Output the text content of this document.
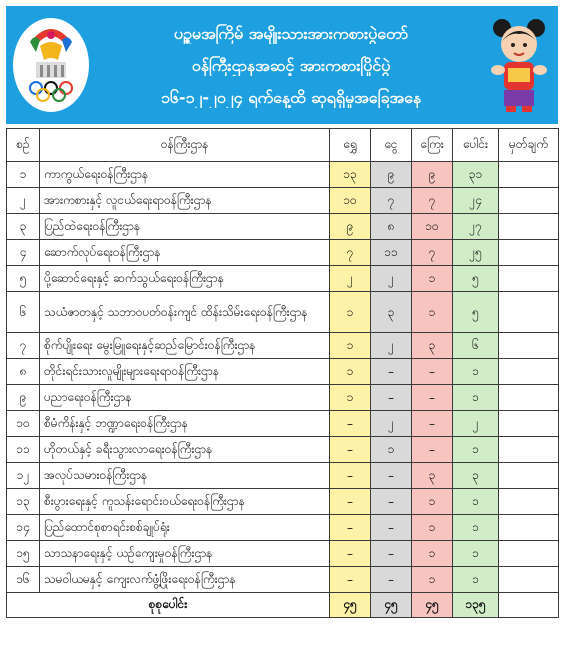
ပဉ္စမအကြိမ် အမျိုးသားအားကစားပွဲတော်
ဝန်ကြီးဌာနအဆင့် အားကစားပြိုင်ပွဲ
၁၆-၁၂-၂၀၂၄ ရက်နေ့ထိ ဆုရရှိမှုအခြေအနေ
စဉ်	ဝန်ကြီးဌာန	ရွှေ	ငွေ	ကြေး	ပေါင်း	မှတ်ချက်
၁	ကာကွယ်ရေးဝန်ကြီးဌာန	၁၃	၉	၉	၃၁	
၂	အားကစားနှင့် လူငယ်ရေးရာဝန်ကြီးဌာန	၁၀	၇	၇	၂၄	
၃	ပြည်ထဲရေးဝန်ကြီးဌာန	၉	၈	၁၀	၂၇	
၄	ဆောက်လုပ်ရေးဝန်ကြီးဌာန	၇	၁၁	၇	၂၅	
၅	ပို့ဆောင်ရေးနှင့် ဆက်သွယ်ရေးဝန်ကြီးဌာန	၂	၂	၁	၅	
၆	သယံဇာတနှင့် သဘာဝပတ်ဝန်းကျင် ထိန်းသိမ်းရေးဝန်ကြီးဌာန	၁	၃	၁	၅	
၇	စိုက်ပျိုးရေး မွေးမြူရေးနှင့်ဆည်မြောင်းဝန်ကြီးဌာန	၁	၂	၃	၆	
၈	တိုင်းရင်းသားလူမျိုးများရေးရာဝန်ကြီးဌာန	၁	–	–	၁	
၉	ပညာရေးဝန်ကြီးဌာန	၁	–	–	၁	
၁၀	စီမံကိန်းနှင့် ဘဏ္ဍာရေးဝန်ကြီးဌာန	–	၂	–	၂	
၁၁	ဟိုတယ်နှင့် ခရီးသွားလာရေးဝန်ကြီးဌာန	–	၁	–	၁	
၁၂	အလုပ်သမားဝန်ကြီးဌာန	–	–	၃	၃	
၁၃	စီးပွားရေးနှင့် ကူသန်းရောင်းဝယ်ရေးဝန်ကြီးဌာန	–	–	၁	၁	
၁၄	ပြည်ထောင်စုစာရင်းစစ်ချုပ်ရုံး	–	–	၁	၁	
၁၅	သာသနာရေးနှင့် ယဉ်ကျေးမှုဝန်ကြီးဌာန	–	–	၁	၁	
၁၆	သမဝါယမနှင့် ကျေးလက်ဖွံ့ဖြိုးရေးဝန်ကြီးဌာန	–	–	၁	၁	
စုစုပေါင်း		၄၅	၄၅	၄၅	၁၃၅	
